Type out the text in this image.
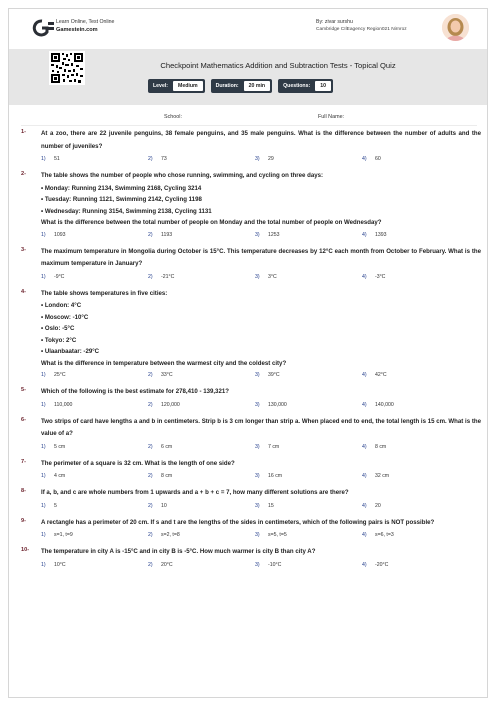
Learn Online, Test Online
Gamestein.com
By: zivar surshu
Cambridge CIlEagency Region021 Nirnroz
Checkpoint Mathematics Addition and Subtraction Tests - Topical Quiz
Level:	Medium	Duration:	20 min	Questions:	10
School:	Full Name:
1-	At a zoo, there are 22 juvenile penguins, 38 female penguins, and 35 male penguins. What is the difference between the number of adults and the number of juveniles?
1)	51	2)	73	3)	29	4)	60
2-	The table shows the number of people who chose running, swimming, and cycling on three days:
• Monday: Running 2134, Swimming 2168, Cycling 3214
• Tuesday: Running 1121, Swimming 2142, Cycling 1198
• Wednesday: Running 3154, Swimming 2138, Cycling 1131
What is the difference between the total number of people on Monday and the total number of people on Wednesday?
1)	1093	2)	1193	3)	1253	4)	1393
3-	The maximum temperature in Mongolia during October is 15°C. This temperature decreases by 12°C each month from October to February. What is the maximum temperature in January?
1)	-9°C	2)	-21°C	3)	3°C	4)	-3°C
4-	The table shows temperatures in five cities:
• London: 4°C
• Moscow: -10°C
• Oslo: -5°C
• Tokyo: 2°C
• Ulaanbaatar: -29°C
What is the difference in temperature between the warmest city and the coldest city?
1)	25°C	2)	33°C	3)	39°C	4)	42°C
5-	Which of the following is the best estimate for 278,410 - 139,321?
1)	110,000	2)	120,000	3)	130,000	4)	140,000
6-	Two strips of card have lengths a and b in centimeters. Strip b is 3 cm longer than strip a. When placed end to end, the total length is 15 cm. What is the value of a?
1)	5 cm	2)	6 cm	3)	7 cm	4)	8 cm
7-	The perimeter of a square is 32 cm. What is the length of one side?
1)	4 cm	2)	8 cm	3)	16 cm	4)	32 cm
8-	If a, b, and c are whole numbers from 1 upwards and a + b + c = 7, how many different solutions are there?
1)	5	2)	10	3)	15	4)	20
9-	A rectangle has a perimeter of 20 cm. If s and t are the lengths of the sides in centimeters, which of the following pairs is NOT possible?
1)	s=1, t=9	2)	s=2, t=8	3)	s=5, t=5	4)	s=6, t=3
10-	The temperature in city A is -15°C and in city B is -5°C. How much warmer is city B than city A?
1)	10°C	2)	20°C	3)	-10°C	4)	-20°C
